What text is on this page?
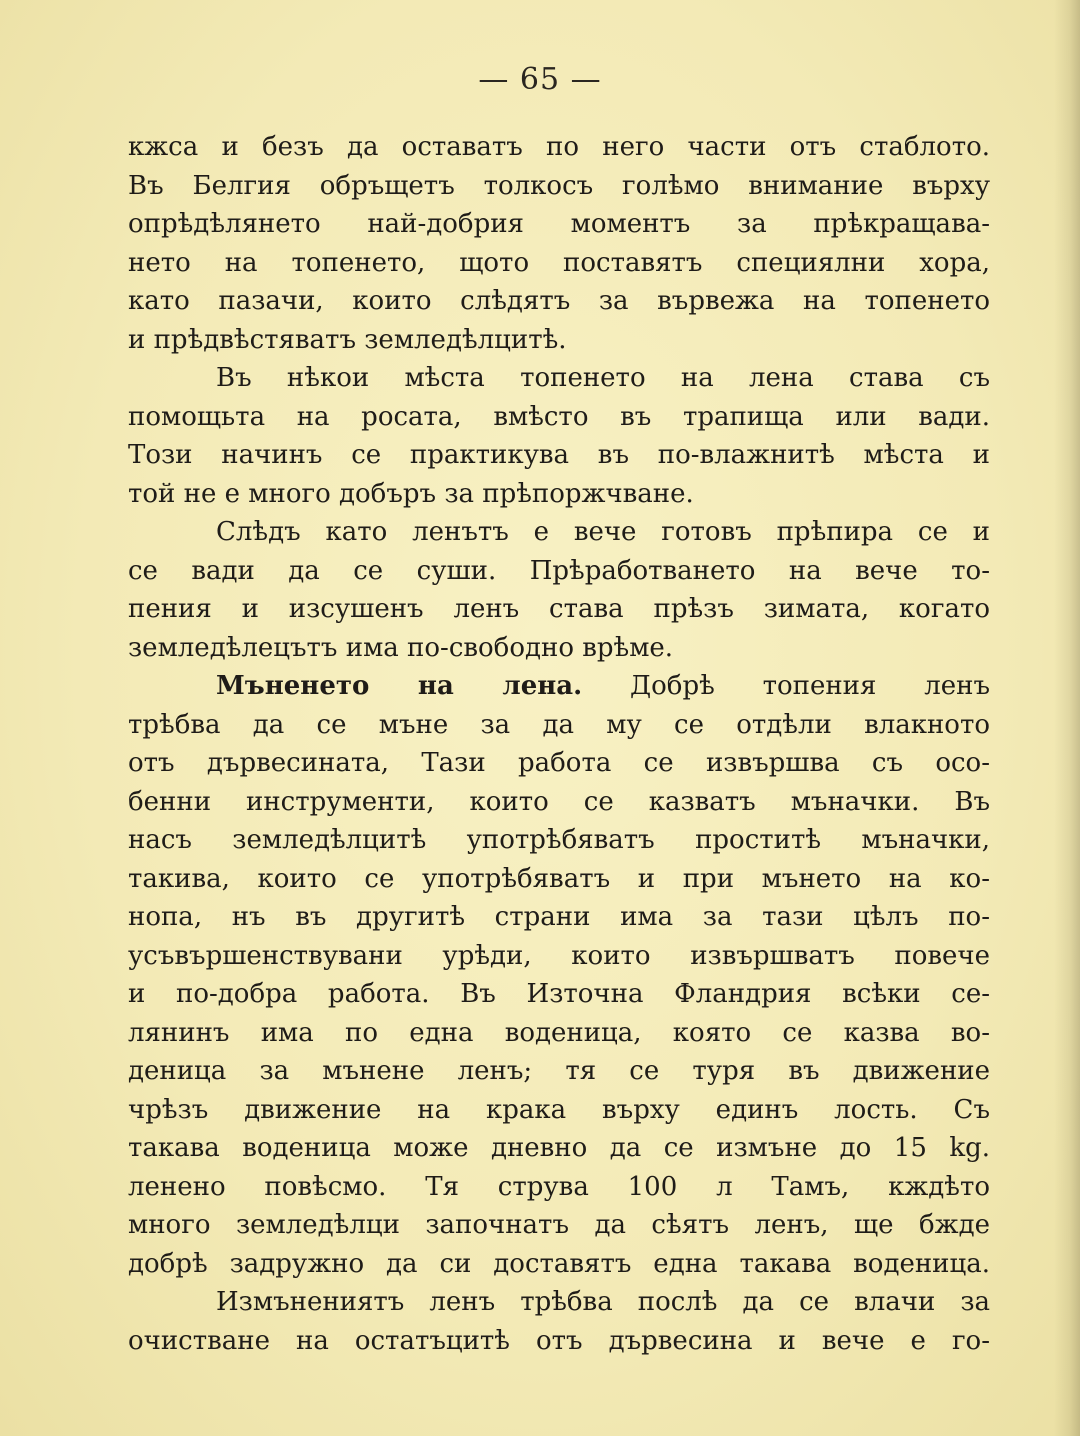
— 65 —
кжса и безъ да оставатъ по него части отъ стаблото.
Въ Белгия обръщетъ толкосъ голѣмо внимание върху
опрѣдѣлянето най-добрия моментъ за прѣкращава-
нето на топенето, щото поставятъ специялни хора,
като пазачи, които слѣдятъ за вървежа на топенето
и прѣдвѣстяватъ земледѣлцитѣ.
Въ нѣкои мѣста топенето на лена става съ
помощьта на росата, вмѣсто въ трапища или вади.
Този начинъ се практикува въ по-влажнитѣ мѣста и
той не е много добъръ за прѣпоржчване.
Слѣдъ като ленътъ е вече готовъ прѣпира се и
се вади да се суши. Прѣработването на вече то-
пения и изсушенъ ленъ става прѣзъ зимата, когато
земледѣлецътъ има по-свободно врѣме.
Мъненето на лена. Добрѣ топения ленъ
трѣбва да се мъне за да му се отдѣли влакното
отъ дървесината, Тази работа се извършва съ осо-
бенни инструменти, които се казватъ мъначки. Въ
насъ земледѣлцитѣ употрѣбяватъ проститѣ мъначки,
такива, които се употрѣбяватъ и при мънето на ко-
нопа, нъ въ другитѣ страни има за тази цѣлъ по-
усъвършенствувани урѣди, които извършватъ повече
и по-добра работа. Въ Източна Фландрия всѣки се-
лянинъ има по една воденица, която се казва во-
деница за мънене ленъ; тя се туря въ движение
чрѣзъ движение на крака върху единъ лость. Съ
такава воденица може дневно да се измъне до 15 kg.
ленено повѣсмо. Тя струва 100 л Тамъ, кждѣто
много земледѣлци започнатъ да сѣятъ ленъ, ще бжде
добрѣ задружно да си доставятъ една такава воденица.
Измънениятъ ленъ трѣбва послѣ да се влачи за
очистване на остатъцитѣ отъ дървесина и вече е го-
